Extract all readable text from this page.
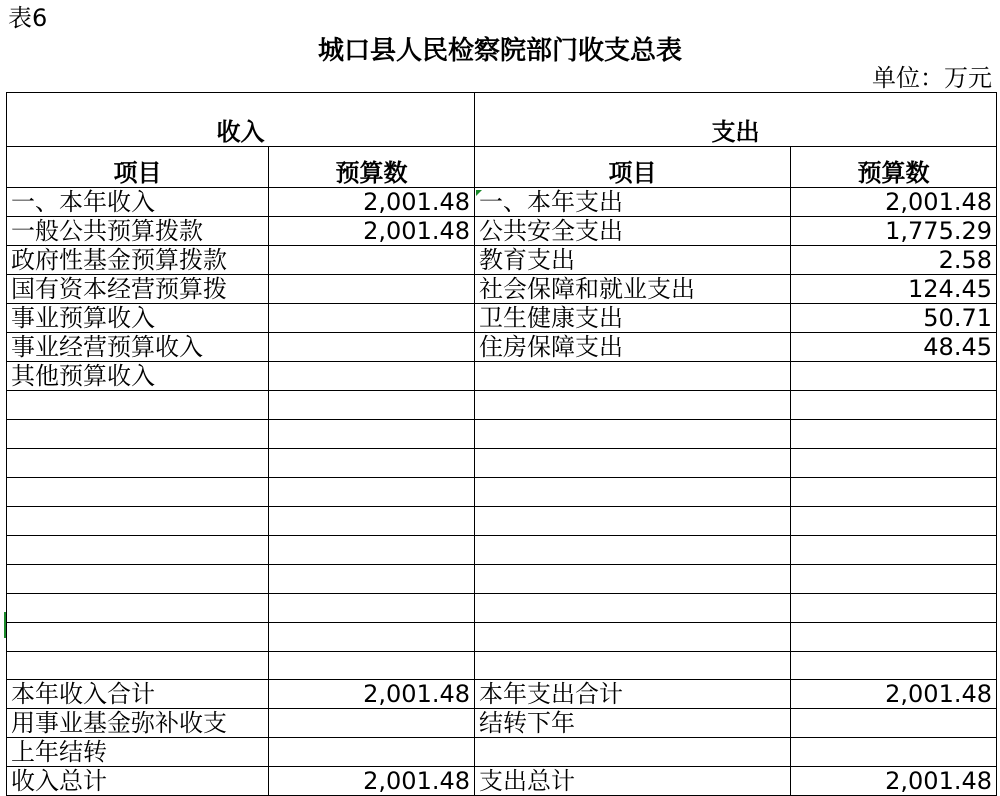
表6
城口县人民检察院部门收支总表
单位：万元
收入		支出	
项目	预算数	项目	预算数
一、本年收入	2,001.48	一、本年支出	2,001.48
一般公共预算拨款	2,001.48	公共安全支出	1,775.29
政府性基金预算拨款		教育支出	2.58
国有资本经营预算拨		社会保障和就业支出	124.45
事业预算收入		卫生健康支出	50.71
事业经营预算收入		住房保障支出	48.45
其他预算收入			

本年收入合计	2,001.48	本年支出合计	2,001.48
用事业基金弥补收支		结转下年	
上年结转			
收入总计	2,001.48	支出总计	2,001.48
